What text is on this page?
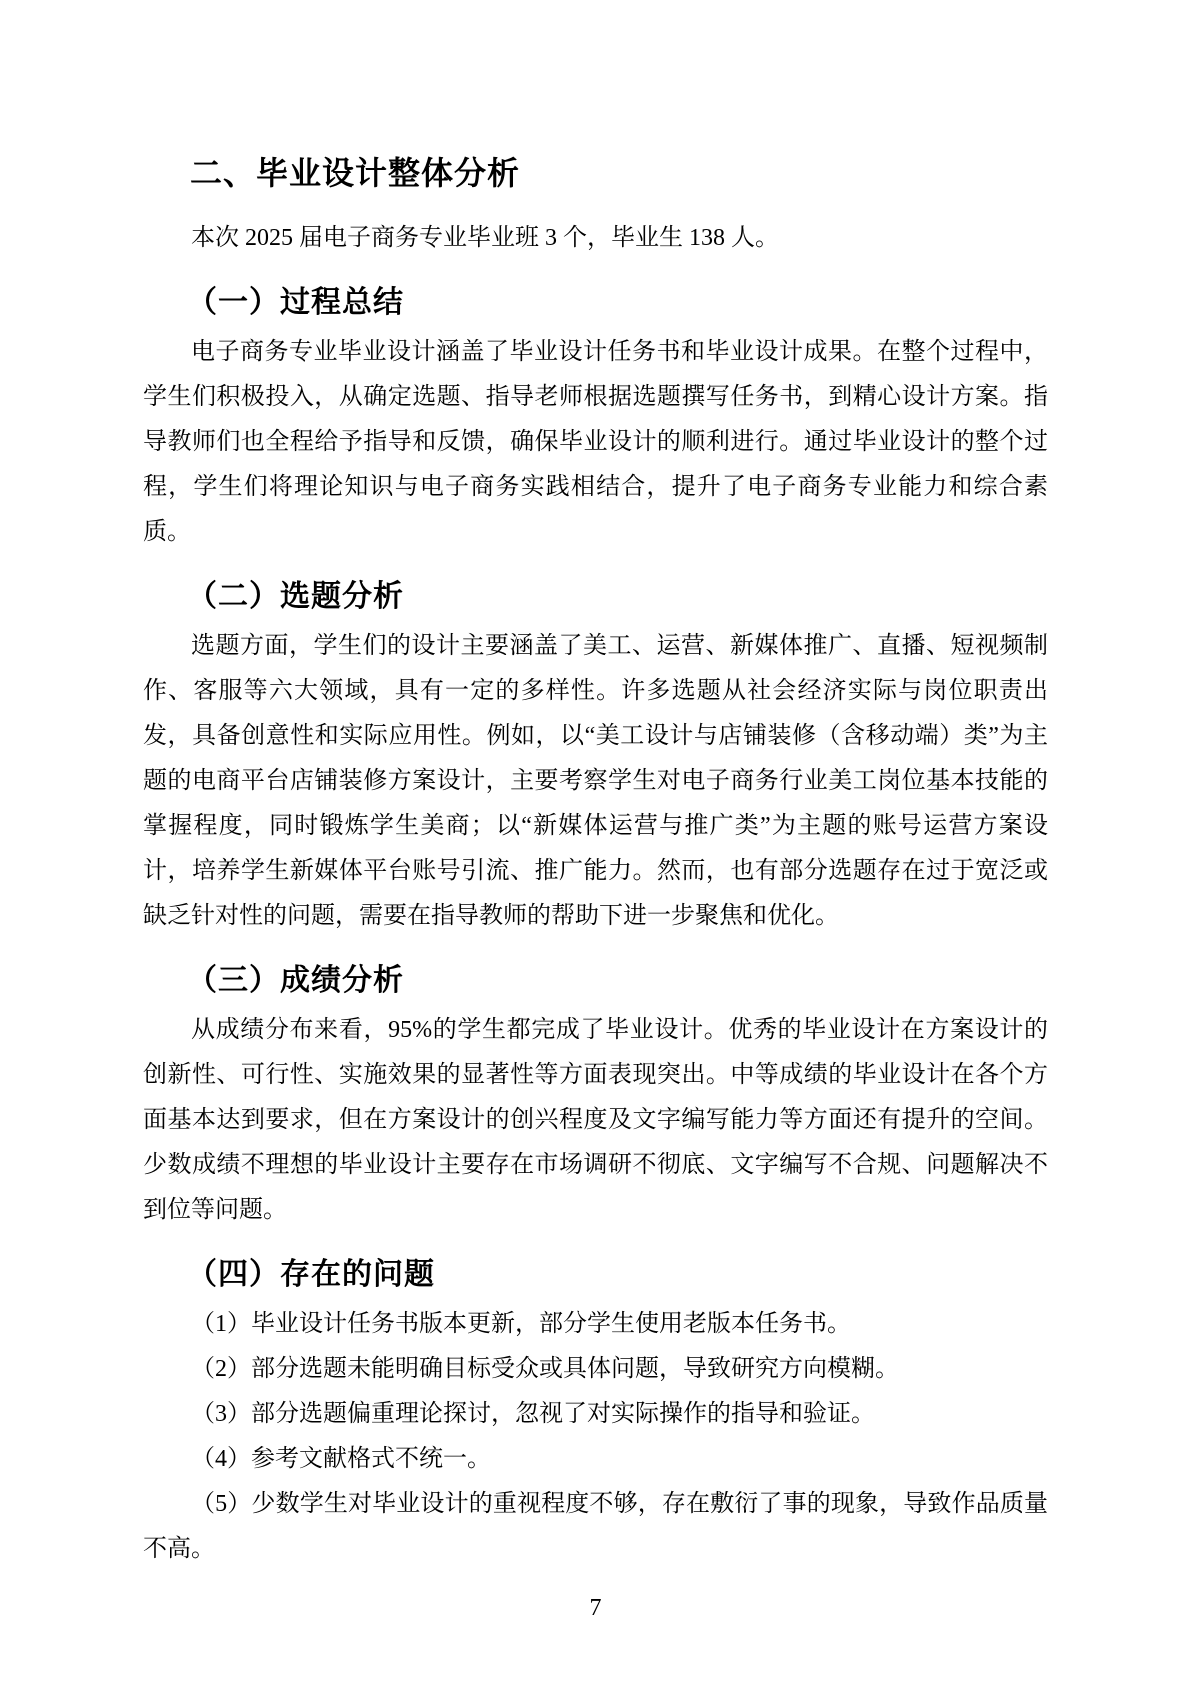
二、毕业设计整体分析

本次 2025 届电子商务专业毕业班 3 个，毕业生 138 人。

（一）过程总结

电子商务专业毕业设计涵盖了毕业设计任务书和毕业设计成果。在整个过程中，学生们积极投入，从确定选题、指导老师根据选题撰写任务书，到精心设计方案。指导教师们也全程给予指导和反馈，确保毕业设计的顺利进行。通过毕业设计的整个过程，学生们将理论知识与电子商务实践相结合，提升了电子商务专业能力和综合素质。

（二）选题分析

选题方面，学生们的设计主要涵盖了美工、运营、新媒体推广、直播、短视频制作、客服等六大领域，具有一定的多样性。许多选题从社会经济实际与岗位职责出发，具备创意性和实际应用性。例如，以“美工设计与店铺装修（含移动端）类”为主题的电商平台店铺装修方案设计，主要考察学生对电子商务行业美工岗位基本技能的掌握程度，同时锻炼学生美商；以“新媒体运营与推广类”为主题的账号运营方案设计，培养学生新媒体平台账号引流、推广能力。然而，也有部分选题存在过于宽泛或缺乏针对性的问题，需要在指导教师的帮助下进一步聚焦和优化。

（三）成绩分析

从成绩分布来看，95%的学生都完成了毕业设计。优秀的毕业设计在方案设计的创新性、可行性、实施效果的显著性等方面表现突出。中等成绩的毕业设计在各个方面基本达到要求，但在方案设计的创兴程度及文字编写能力等方面还有提升的空间。少数成绩不理想的毕业设计主要存在市场调研不彻底、文字编写不合规、问题解决不到位等问题。

（四）存在的问题

（1）毕业设计任务书版本更新，部分学生使用老版本任务书。

（2）部分选题未能明确目标受众或具体问题，导致研究方向模糊。

（3）部分选题偏重理论探讨，忽视了对实际操作的指导和验证。

（4）参考文献格式不统一。

（5）少数学生对毕业设计的重视程度不够，存在敷衍了事的现象，导致作品质量不高。

7
